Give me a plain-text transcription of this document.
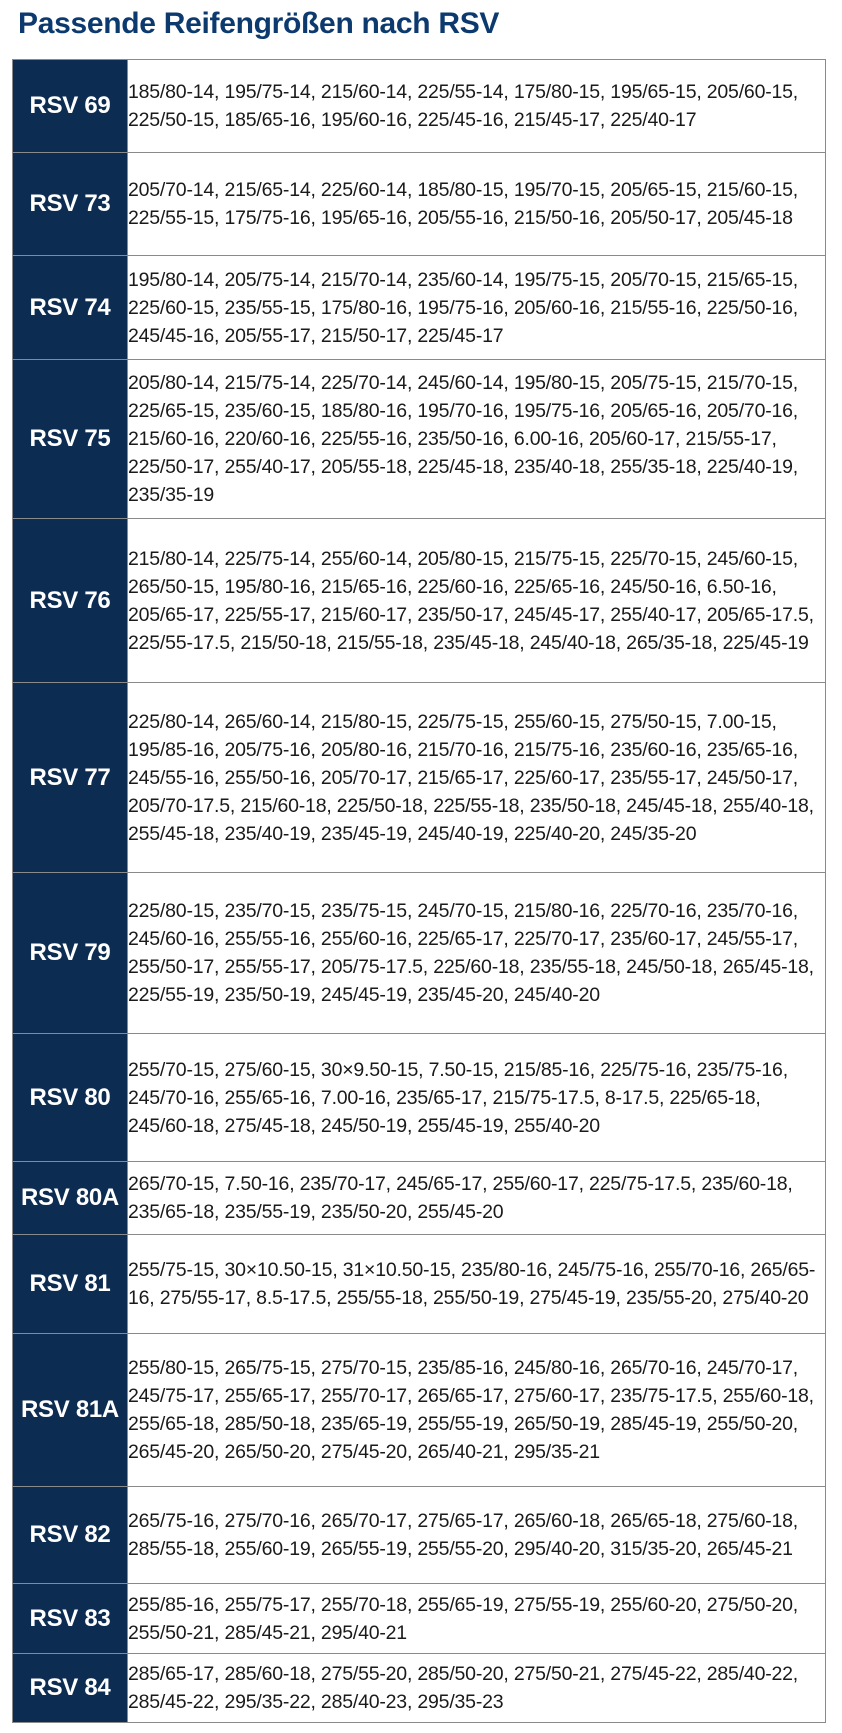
Passende Reifengrößen nach RSV
RSV 69	185/80-14, 195/75-14, 215/60-14, 225/55-14, 175/80-15, 195/65-15, 205/60-15, 225/50-15, 185/65-16, 195/60-16, 225/45-16, 215/45-17, 225/40-17
RSV 73	205/70-14, 215/65-14, 225/60-14, 185/80-15, 195/70-15, 205/65-15, 215/60-15, 225/55-15, 175/75-16, 195/65-16, 205/55-16, 215/50-16, 205/50-17, 205/45-18
RSV 74	195/80-14, 205/75-14, 215/70-14, 235/60-14, 195/75-15, 205/70-15, 215/65-15, 225/60-15, 235/55-15, 175/80-16, 195/75-16, 205/60-16, 215/55-16, 225/50-16, 245/45-16, 205/55-17, 215/50-17, 225/45-17
RSV 75	205/80-14, 215/75-14, 225/70-14, 245/60-14, 195/80-15, 205/75-15, 215/70-15, 225/65-15, 235/60-15, 185/80-16, 195/70-16, 195/75-16, 205/65-16, 205/70-16, 215/60-16, 220/60-16, 225/55-16, 235/50-16, 6.00-16, 205/60-17, 215/55-17, 225/50-17, 255/40-17, 205/55-18, 225/45-18, 235/40-18, 255/35-18, 225/40-19, 235/35-19
RSV 76	215/80-14, 225/75-14, 255/60-14, 205/80-15, 215/75-15, 225/70-15, 245/60-15, 265/50-15, 195/80-16, 215/65-16, 225/60-16, 225/65-16, 245/50-16, 6.50-16, 205/65-17, 225/55-17, 215/60-17, 235/50-17, 245/45-17, 255/40-17, 205/65-17.5, 225/55-17.5, 215/50-18, 215/55-18, 235/45-18, 245/40-18, 265/35-18, 225/45-19
RSV 77	225/80-14, 265/60-14, 215/80-15, 225/75-15, 255/60-15, 275/50-15, 7.00-15, 195/85-16, 205/75-16, 205/80-16, 215/70-16, 215/75-16, 235/60-16, 235/65-16, 245/55-16, 255/50-16, 205/70-17, 215/65-17, 225/60-17, 235/55-17, 245/50-17, 205/70-17.5, 215/60-18, 225/50-18, 225/55-18, 235/50-18, 245/45-18, 255/40-18, 255/45-18, 235/40-19, 235/45-19, 245/40-19, 225/40-20, 245/35-20
RSV 79	225/80-15, 235/70-15, 235/75-15, 245/70-15, 215/80-16, 225/70-16, 235/70-16, 245/60-16, 255/55-16, 255/60-16, 225/65-17, 225/70-17, 235/60-17, 245/55-17, 255/50-17, 255/55-17, 205/75-17.5, 225/60-18, 235/55-18, 245/50-18, 265/45-18, 225/55-19, 235/50-19, 245/45-19, 235/45-20, 245/40-20
RSV 80	255/70-15, 275/60-15, 30×9.50-15, 7.50-15, 215/85-16, 225/75-16, 235/75-16, 245/70-16, 255/65-16, 7.00-16, 235/65-17, 215/75-17.5, 8-17.5, 225/65-18, 245/60-18, 275/45-18, 245/50-19, 255/45-19, 255/40-20
RSV 80A	265/70-15, 7.50-16, 235/70-17, 245/65-17, 255/60-17, 225/75-17.5, 235/60-18, 235/65-18, 235/55-19, 235/50-20, 255/45-20
RSV 81	255/75-15, 30×10.50-15, 31×10.50-15, 235/80-16, 245/75-16, 255/70-16, 265/65-16, 275/55-17, 8.5-17.5, 255/55-18, 255/50-19, 275/45-19, 235/55-20, 275/40-20
RSV 81A	255/80-15, 265/75-15, 275/70-15, 235/85-16, 245/80-16, 265/70-16, 245/70-17, 245/75-17, 255/65-17, 255/70-17, 265/65-17, 275/60-17, 235/75-17.5, 255/60-18, 255/65-18, 285/50-18, 235/65-19, 255/55-19, 265/50-19, 285/45-19, 255/50-20, 265/45-20, 265/50-20, 275/45-20, 265/40-21, 295/35-21
RSV 82	265/75-16, 275/70-16, 265/70-17, 275/65-17, 265/60-18, 265/65-18, 275/60-18, 285/55-18, 255/60-19, 265/55-19, 255/55-20, 295/40-20, 315/35-20, 265/45-21
RSV 83	255/85-16, 255/75-17, 255/70-18, 255/65-19, 275/55-19, 255/60-20, 275/50-20, 255/50-21, 285/45-21, 295/40-21
RSV 84	285/65-17, 285/60-18, 275/55-20, 285/50-20, 275/50-21, 275/45-22, 285/40-22, 285/45-22, 295/35-22, 285/40-23, 295/35-23
